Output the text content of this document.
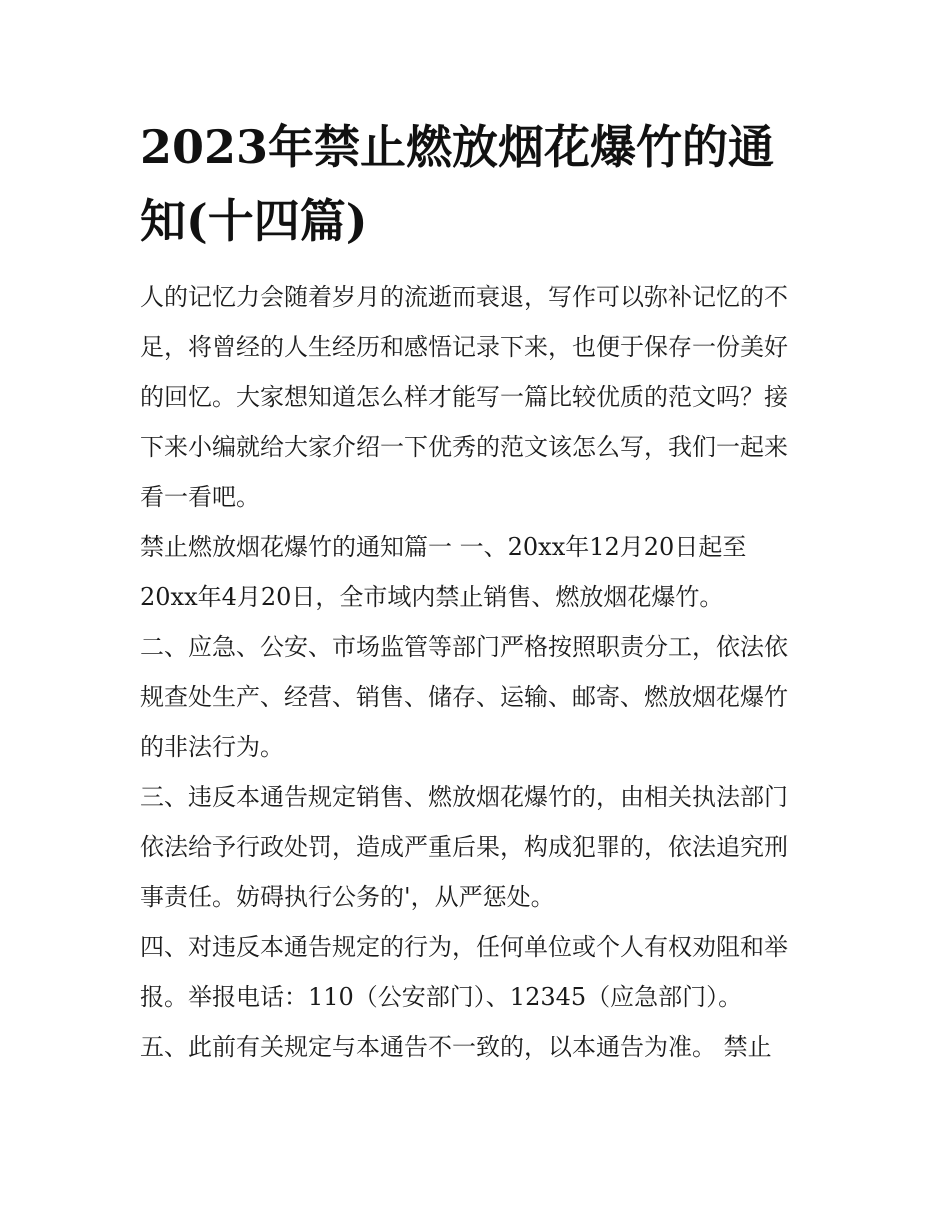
2023年禁止燃放烟花爆竹的通
知(十四篇)
人的记忆力会随着岁月的流逝而衰退，写作可以弥补记忆的不
足，将曾经的人生经历和感悟记录下来，也便于保存一份美好
的回忆。大家想知道怎么样才能写一篇比较优质的范文吗？接
下来小编就给大家介绍一下优秀的范文该怎么写，我们一起来
看一看吧。
禁止燃放烟花爆竹的通知篇一 一、20xx年12月20日起至
20xx年4月20日，全市域内禁止销售、燃放烟花爆竹。
二、应急、公安、市场监管等部门严格按照职责分工，依法依
规查处生产、经营、销售、储存、运输、邮寄、燃放烟花爆竹
的非法行为。
三、违反本通告规定销售、燃放烟花爆竹的，由相关执法部门
依法给予行政处罚，造成严重后果，构成犯罪的，依法追究刑
事责任。妨碍执行公务的'，从严惩处。
四、对违反本通告规定的行为，任何单位或个人有权劝阻和举
报。举报电话：110（公安部门）、12345（应急部门）。
五、此前有关规定与本通告不一致的，以本通告为准。 禁止
